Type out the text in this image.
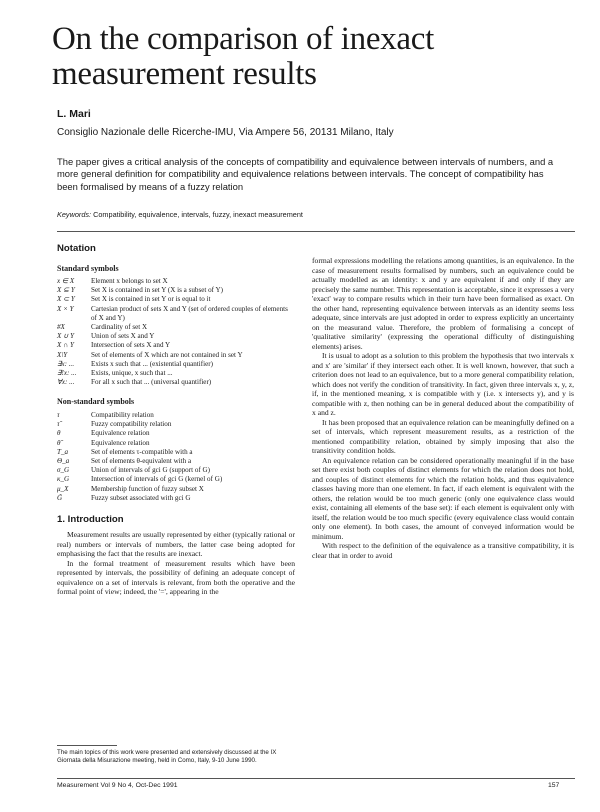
On the comparison of inexact measurement results
L. Mari
Consiglio Nazionale delle Ricerche-IMU, Via Ampere 56, 20131 Milano, Italy
The paper gives a critical analysis of the concepts of compatibility and equivalence between intervals of numbers, and a more general definition for compatibility and equivalence relations between intervals. The concept of compatibility has been formalised by means of a fuzzy relation
Keywords: Compatibility, equivalence, intervals, fuzzy, inexact measurement
Notation
Standard symbols
x ∈ X	Element x belongs to set X
X ⊆ Y	Set X is contained in set Y (X is a subset of Y)
X ⊂ Y	Set X is contained in set Y or is equal to it
X × Y	Cartesian product of sets X and Y (set of ordered couples of elements of X and Y)
#X	Cardinality of set X
X ∪ Y	Union of sets X and Y
X ∩ Y	Intersection of sets X and Y
X\Y	Set of elements of X which are not contained in set Y
∃x: ...	Exists x such that ... (existential quantifier)
∃!x: ...	Exists, unique, x such that ...
∀x: ...	For all x such that ... (universal quantifier)
Non-standard symbols
τ	Compatibility relation
τ̃	Fuzzy compatibility relation
θ	Equivalence relation
θ̃	Equivalence relation
T_a	Set of elements τ-compatible with a
Θ_a	Set of elements θ-equivalent with a
σ_G	Union of intervals of gci G (support of G)
κ_G	Intersection of intervals of gci G (kernel of G)
μ_X	Membership function of fuzzy subset X
G̃	Fuzzy subset associated with gci G
1. Introduction

Measurement results are usually represented by either (typically rational or real) numbers or intervals of numbers, the latter case being adopted for emphasising the fact that the results are inexact.

In the formal treatment of measurement results which have been represented by intervals, the possibility of defining an adequate concept of equivalence on a set of intervals is relevant, from both the operative and the formal point of view; indeed, the '=', appearing in the

formal expressions modelling the relations among quantities, is an equivalence. In the case of measurement results formalised by numbers, such an equivalence could be actually modelled as an identity: x and y are equivalent if and only if they are precisely the same number. This representation is acceptable, since it expresses a very 'exact' way to compare results which in their turn have been formalised as exact. On the other hand, representing equivalence between intervals as an identity seems less adequate, since intervals are just adopted in order to express explicitly an uncertainty on the measurand value. Therefore, the problem of formalising a concept of 'qualitative similarity' (expressing the operational difficulty of distinguishing elements) arises.

It is usual to adopt as a solution to this problem the hypothesis that two intervals x and x' are 'similar' if they intersect each other. It is well known, however, that such a criterion does not lead to an equivalence, but to a more general compatibility relation, which does not verify the condition of transitivity. In fact, given three intervals x, y, z, if, in the mentioned meaning, x is compatible with y (i.e. x intersects y), and y is compatible with z, then nothing can be in general deduced about the compatibility of x and z.

It has been proposed that an equivalence relation can be meaningfully defined on a set of intervals, which represent measurement results, as a restriction of the mentioned compatibility relation, obtained by simply imposing that also the transitivity condition holds.

An equivalence relation can be considered operationally meaningful if in the base set there exist both couples of distinct elements for which the relation does not hold, and couples of distinct elements for which the relation holds, and thus equivalence classes having more than one element. In fact, if each element is equivalent with the others, the relation would be too much generic (only one equivalence class would exist, containing all elements of the base set): if each element is equivalent only with itself, the relation would be too much specific (every equivalence class would contain only one element). In both cases, the amount of conveyed information would be minimum.

With respect to the definition of the equivalence as a transitive compatibility, it is clear that in order to avoid

The main topics of this work were presented and extensively discussed at the IX Giornata della Misurazione meeting, held in Como, Italy, 9-10 June 1990.
Measurement Vol 9 No 4, Oct-Dec 1991	157
